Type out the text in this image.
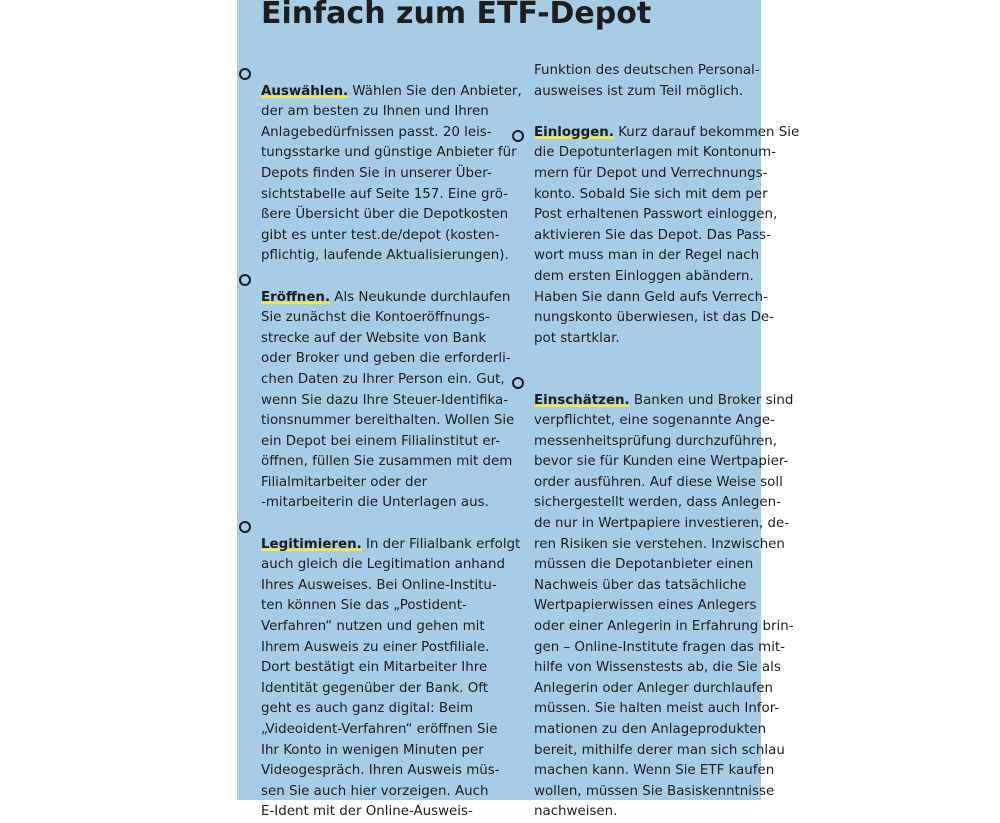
Einfach zum ETF-Depot
Auswählen. Wählen Sie den Anbieter,
der am besten zu Ihnen und Ihren
Anlagebedürfnissen passt. 20 leis-
tungsstarke und günstige Anbieter für
Depots finden Sie in unserer Über-
sichtstabelle auf Seite 157. Eine grö-
ßere Übersicht über die Depotkosten
gibt es unter test.de/depot (kosten-
pflichtig, laufende Aktualisierungen).
Eröffnen. Als Neukunde durchlaufen
Sie zunächst die Kontoeröffnungs-
strecke auf der Website von Bank
oder Broker und geben die erforderli-
chen Daten zu Ihrer Person ein. Gut,
wenn Sie dazu Ihre Steuer-Identifika-
tionsnummer bereithalten. Wollen Sie
ein Depot bei einem Filialinstitut er-
öffnen, füllen Sie zusammen mit dem
Filialmitarbeiter oder der
-mitarbeiterin die Unterlagen aus.
Legitimieren. In der Filialbank erfolgt
auch gleich die Legitimation anhand
Ihres Ausweises. Bei Online-Institu-
ten können Sie das „Postident-
Verfahren“ nutzen und gehen mit
Ihrem Ausweis zu einer Postfiliale.
Dort bestätigt ein Mitarbeiter Ihre
Identität gegenüber der Bank. Oft
geht es auch ganz digital: Beim
„Videoident-Verfahren“ eröffnen Sie
Ihr Konto in wenigen Minuten per
Videogespräch. Ihren Ausweis müs-
sen Sie auch hier vorzeigen. Auch
E-Ident mit der Online-Ausweis-
Funktion des deutschen Personal-
ausweises ist zum Teil möglich.
Einloggen. Kurz darauf bekommen Sie
die Depotunterlagen mit Kontonum-
mern für Depot und Verrechnungs-
konto. Sobald Sie sich mit dem per
Post erhaltenen Passwort einloggen,
aktivieren Sie das Depot. Das Pass-
wort muss man in der Regel nach
dem ersten Einloggen abändern.
Haben Sie dann Geld aufs Verrech-
nungskonto überwiesen, ist das De-
pot startklar.
Einschätzen. Banken und Broker sind
verpflichtet, eine sogenannte Ange-
messenheitsprüfung durchzuführen,
bevor sie für Kunden eine Wertpapier-
order ausführen. Auf diese Weise soll
sichergestellt werden, dass Anlegen-
de nur in Wertpapiere investieren, de-
ren Risiken sie verstehen. Inzwischen
müssen die Depotanbieter einen
Nachweis über das tatsächliche
Wertpapierwissen eines Anlegers
oder einer Anlegerin in Erfahrung brin-
gen – Online-Institute fragen das mit-
hilfe von Wissenstests ab, die Sie als
Anlegerin oder Anleger durchlaufen
müssen. Sie halten meist auch Infor-
mationen zu den Anlageprodukten
bereit, mithilfe derer man sich schlau
machen kann. Wenn Sie ETF kaufen
wollen, müssen Sie Basiskenntnisse
nachweisen.
